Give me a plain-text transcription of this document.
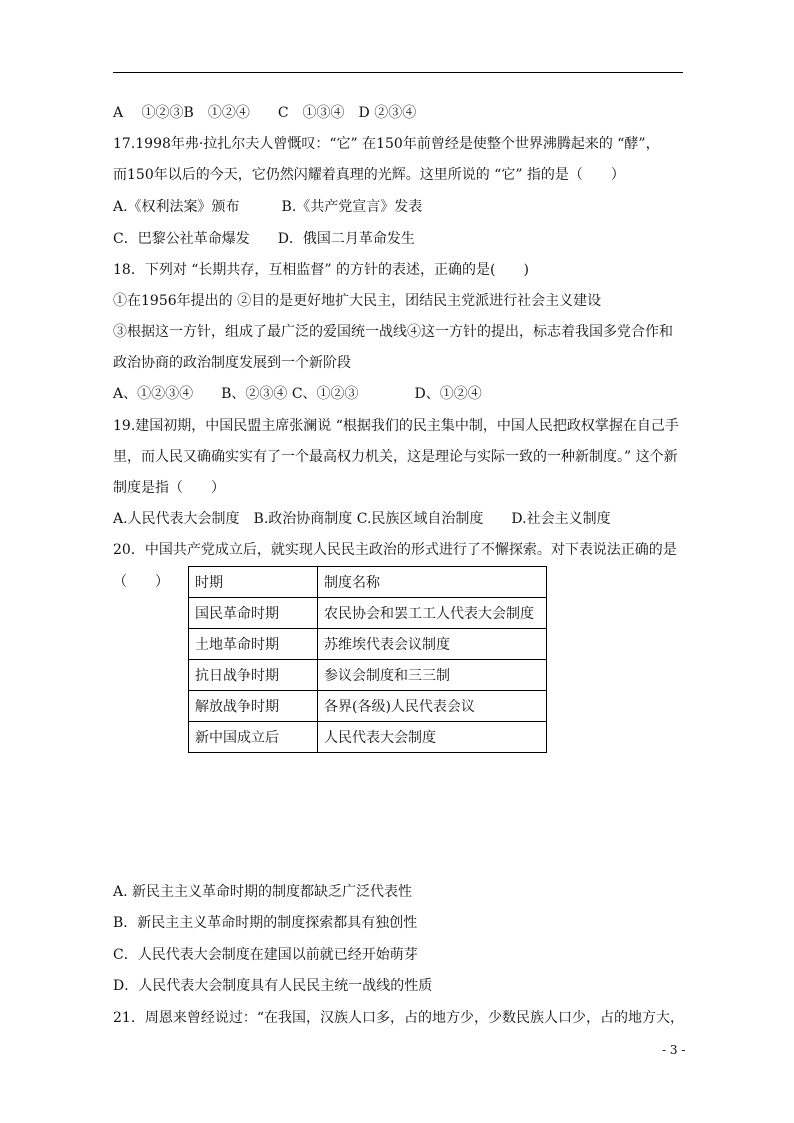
A　 ①②③B　①②④　　C　①③④　D ②③④
17.1998年弗·拉扎尔夫人曾慨叹：“它” 在150年前曾经是使整个世界沸腾起来的 “酵”，
而150年以后的今天，它仍然闪耀着真理的光辉。这里所说的 “它” 指的是（　　）
A.《权利法案》颁布　　　B.《共产党宣言》发表
C．巴黎公社革命爆发　　D．俄国二月革命发生
18．下列对 “长期共存，互相监督” 的方针的表述，正确的是(　　)
①在1956年提出的 ②目的是更好地扩大民主，团结民主党派进行社会主义建设
③根据这一方针，组成了最广泛的爱国统一战线④这一方针的提出，标志着我国多党合作和
政治协商的政治制度发展到一个新阶段
A、①②③④　　B、②③④ C、①②③　　　　D、①②④
19.建国初期，中国民盟主席张澜说 “根据我们的民主集中制，中国人民把政权掌握在自己手
里，而人民又确确实实有了一个最高权力机关，这是理论与实际一致的一种新制度。” 这个新
制度是指（　　）
A.人民代表大会制度　B.政治协商制度 C.民族区域自治制度　　D.社会主义制度
20．中国共产党成立后，就实现人民民主政治的形式进行了不懈探索。对下表说法正确的是
（　　） 时期	制度名称
国民革命时期	农民协会和罢工工人代表大会制度
土地革命时期	苏维埃代表会议制度
抗日战争时期	参议会制度和三三制
解放战争时期	各界(各级)人民代表会议
新中国成立后	人民代表大会制度
A. 新民主主义革命时期的制度都缺乏广泛代表性
B．新民主主义革命时期的制度探索都具有独创性
C．人民代表大会制度在建国以前就已经开始萌芽
D．人民代表大会制度具有人民民主统一战线的性质
21．周恩来曾经说过：“在我国，汉族人口多，占的地方少，少数民族人口少，占的地方大，
- 3 -
